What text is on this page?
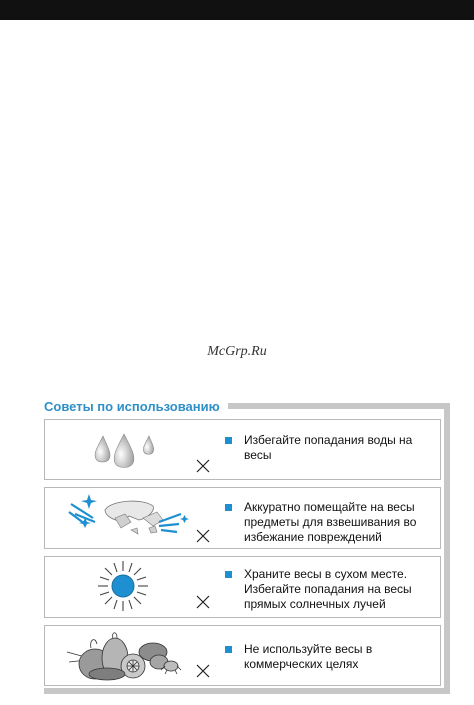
McGrp.Ru
Советы по использованию
Избегайте попадания воды на весы
Аккуратно помещайте на весы предметы для взвешивания во избежание повреждений
Храните весы в сухом месте. Избегайте попадания на весы прямых солнечных лучей
Не используйте весы в коммерческих целях
